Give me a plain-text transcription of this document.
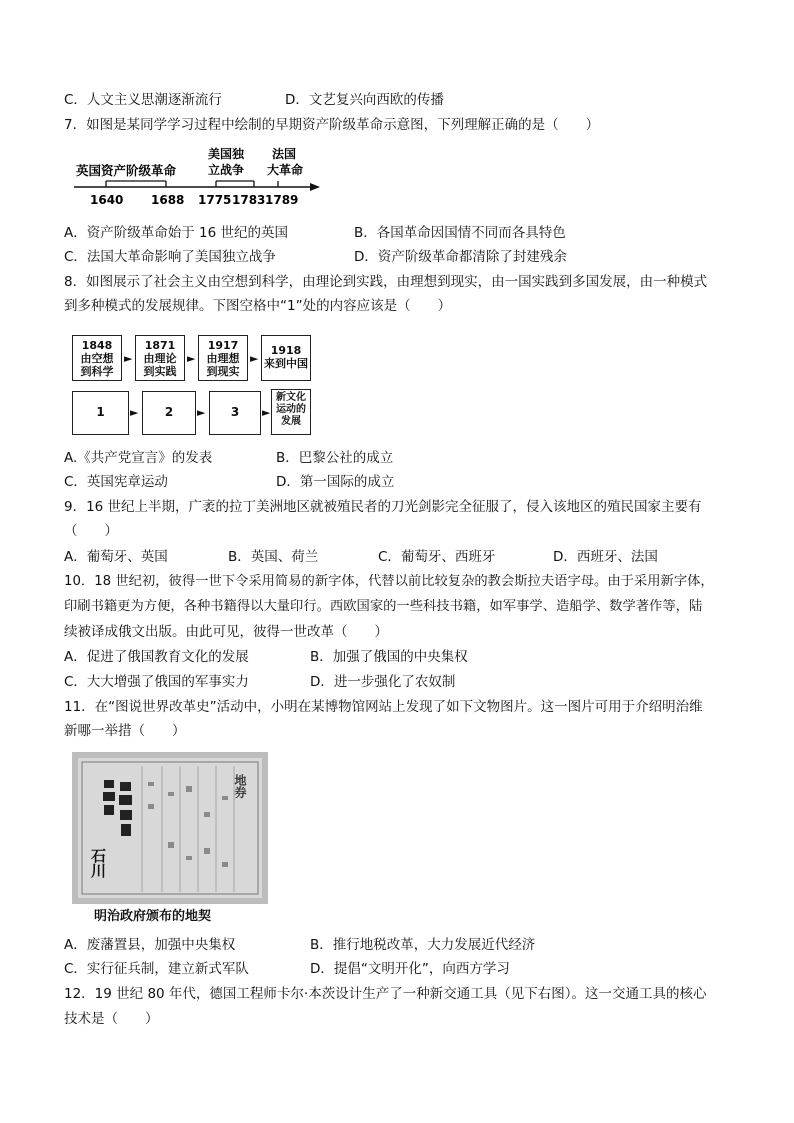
C．人文主义思潮逐渐流行	D．文艺复兴向西欧的传播
7．如图是某同学学习过程中绘制的早期资产阶级革命示意图，下列理解正确的是（　　）
英国资产阶级革命
美国独
立战争
法国
大革命
1640 1688 1775 1783 1789
A．资产阶级革命始于 16 世纪的英国	B．各国革命因国情不同而各具特色
C．法国大革命影响了美国独立战争	D．资产阶级革命都清除了封建残余
8．如图展示了社会主义由空想到科学，由理论到实践，由理想到现实，由一国实践到多国发展，由一种模式
到多种模式的发展规律。下图空格中“1”处的内容应该是（　　）
1848
由空想
到科学
►
1871
由理论
到实践
►
1917
由理想
到现实
►
1918
来到中国
1	►	2	►	3	►
新文化
运动的
发展
A.《共产党宣言》的发表	B．巴黎公社的成立
C．英国宪章运动	D．第一国际的成立
9．16 世纪上半期，广袤的拉丁美洲地区就被殖民者的刀光剑影完全征服了，侵入该地区的殖民国家主要有
（　　）
A．葡萄牙、英国	B．英国、荷兰	C．葡萄牙、西班牙	D．西班牙、法国
10．18 世纪初，彼得一世下令采用简易的新字体，代替以前比较复杂的教会斯拉夫语字母。由于采用新字体，
印刷书籍更为方便，各种书籍得以大量印行。西欧国家的一些科技书籍，如军事学、造船学、数学著作等，陆
续被译成俄文出版。由此可见，彼得一世改革（　　）
A．促进了俄国教育文化的发展	B．加强了俄国的中央集权
C．大大增强了俄国的军事实力	D．进一步强化了农奴制
11．在“图说世界改革史”活动中，小明在某博物馆网站上发现了如下文物图片。这一图片可用于介绍明治维
新哪一举措（　　）
石川
地券
明治政府颁布的地契
A．废藩置县，加强中央集权	B．推行地税改革，大力发展近代经济
C．实行征兵制，建立新式军队	D．提倡“文明开化”，向西方学习
12．19 世纪 80 年代，德国工程师卡尔·本茨设计生产了一种新交通工具（见下右图）。这一交通工具的核心
技术是（　　）
